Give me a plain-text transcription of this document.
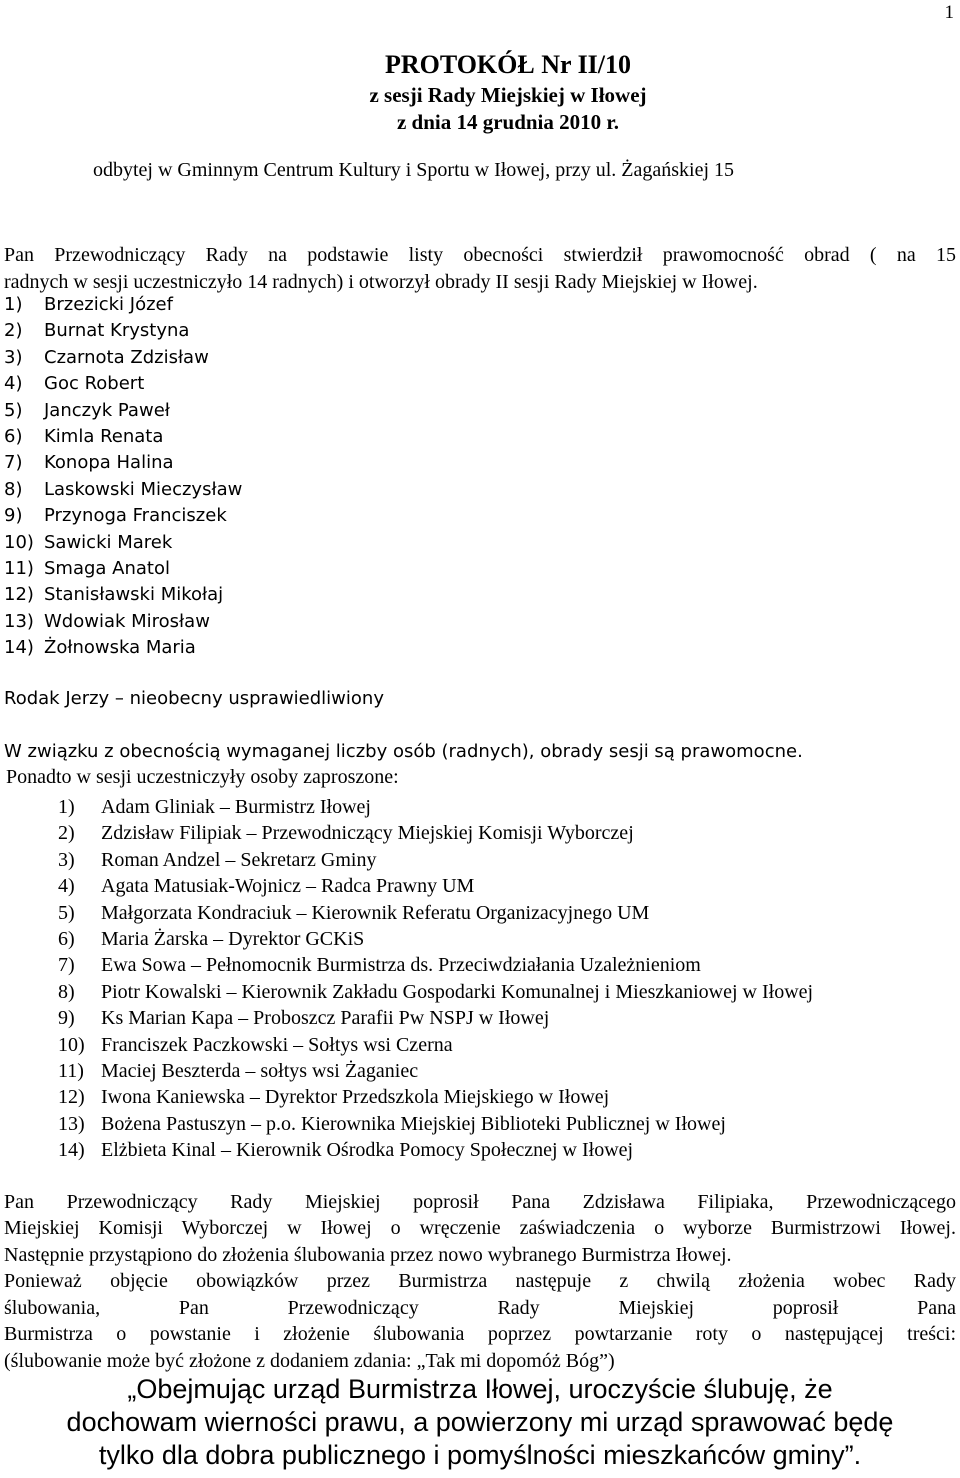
1
PROTOKÓŁ Nr II/10
z sesji Rady Miejskiej w Iłowej
z dnia 14 grudnia 2010 r.
odbytej w Gminnym Centrum Kultury i Sportu w Iłowej, przy ul. Żagańskiej 15
Pan Przewodniczący Rady na podstawie listy obecności stwierdził prawomocność obrad ( na 15
radnych w sesji uczestniczyło 14 radnych) i otworzył obrady II sesji Rady Miejskiej w Iłowej.
1)	Brzezicki Józef
2)	Burnat Krystyna
3)	Czarnota Zdzisław
4)	Goc Robert
5)	Janczyk Paweł
6)	Kimla Renata
7)	Konopa Halina
8)	Laskowski Mieczysław
9)	Przynoga Franciszek
10) Sawicki Marek
11) Smaga Anatol
12) Stanisławski Mikołaj
13) Wdowiak Mirosław
14) Żołnowska Maria
Rodak Jerzy – nieobecny usprawiedliwiony
W związku z obecnością wymaganej liczby osób (radnych), obrady sesji są prawomocne.
Ponadto w sesji uczestniczyły osoby zaproszone:
1)	Adam Gliniak – Burmistrz Iłowej
2)	Zdzisław Filipiak – Przewodniczący Miejskiej Komisji Wyborczej
3)	Roman Andzel – Sekretarz Gminy
4)	Agata Matusiak-Wojnicz – Radca Prawny UM
5)	Małgorzata Kondraciuk – Kierownik Referatu Organizacyjnego UM
6)	Maria Żarska – Dyrektor GCKiS
7)	Ewa Sowa – Pełnomocnik Burmistrza ds. Przeciwdziałania Uzależnieniom
8)	Piotr Kowalski – Kierownik Zakładu Gospodarki Komunalnej i Mieszkaniowej w Iłowej
9)	Ks Marian Kapa – Proboszcz Parafii Pw NSPJ w Iłowej
10) Franciszek Paczkowski – Sołtys wsi Czerna
11) Maciej Beszterda – sołtys wsi Żaganiec
12) Iwona Kaniewska – Dyrektor Przedszkola Miejskiego w Iłowej
13) Bożena Pastuszyn – p.o. Kierownika Miejskiej Biblioteki Publicznej w Iłowej
14) Elżbieta Kinal – Kierownik Ośrodka Pomocy Społecznej w Iłowej
Pan Przewodniczący Rady Miejskiej poprosił Pana Zdzisława Filipiaka, Przewodniczącego
Miejskiej Komisji Wyborczej w Iłowej o wręczenie zaświadczenia o wyborze Burmistrzowi Iłowej.
Następnie przystąpiono do złożenia ślubowania przez nowo wybranego Burmistrza Iłowej.
Ponieważ objęcie obowiązków przez Burmistrza następuje z chwilą złożenia wobec Rady
ślubowania, Pan Przewodniczący Rady Miejskiej poprosił Pana
Burmistrza o powstanie i złożenie ślubowania poprzez powtarzanie roty o następującej treści:
(ślubowanie może być złożone z dodaniem zdania: „Tak mi dopomóż Bóg”)
„Obejmując urząd Burmistrza Iłowej, uroczyście ślubuję, że
dochowam wierności prawu, a powierzony mi urząd sprawować będę
tylko dla dobra publicznego i pomyślności mieszkańców gminy”.
